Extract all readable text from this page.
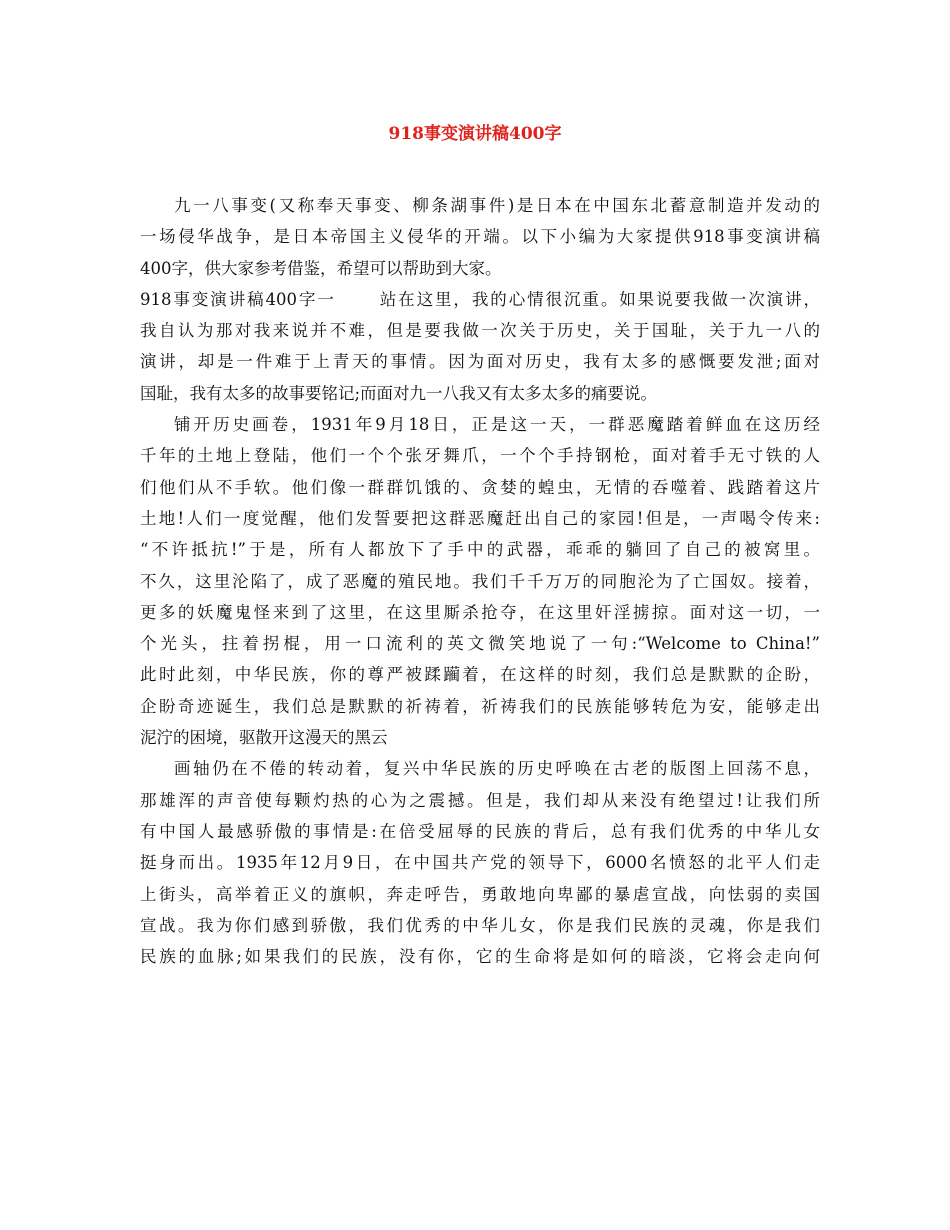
918事变演讲稿400字
九一八事变(又称奉天事变、柳条湖事件)是日本在中国东北蓄意制造并发动的
一场侵华战争，是日本帝国主义侵华的开端。以下小编为大家提供918事变演讲稿
400字，供大家参考借鉴，希望可以帮助到大家。
918事变演讲稿400字一	站在这里，我的心情很沉重。如果说要我做一次演讲，
我自认为那对我来说并不难，但是要我做一次关于历史，关于国耻，关于九一八的
演讲，却是一件难于上青天的事情。因为面对历史，我有太多的感慨要发泄;面对
国耻，我有太多的故事要铭记;而面对九一八我又有太多太多的痛要说。
铺开历史画卷，1931年9月18日，正是这一天，一群恶魔踏着鲜血在这历经
千年的土地上登陆，他们一个个张牙舞爪，一个个手持钢枪，面对着手无寸铁的人
们他们从不手软。他们像一群群饥饿的、贪婪的蝗虫，无情的吞噬着、践踏着这片
土地!人们一度觉醒，他们发誓要把这群恶魔赶出自己的家园!但是，一声喝令传来:
“不许抵抗!”于是，所有人都放下了手中的武器，乖乖的躺回了自己的被窝里。
不久，这里沦陷了，成了恶魔的殖民地。我们千千万万的同胞沦为了亡国奴。接着，
更多的妖魔鬼怪来到了这里，在这里厮杀抢夺，在这里奸淫掳掠。面对这一切，一
个光头，拄着拐棍，用一口流利的英文微笑地说了一句:“Welcome to China!”
此时此刻，中华民族，你的尊严被蹂躏着，在这样的时刻，我们总是默默的企盼，
企盼奇迹诞生，我们总是默默的祈祷着，祈祷我们的民族能够转危为安，能够走出
泥泞的困境，驱散开这漫天的黑云
画轴仍在不倦的转动着，复兴中华民族的历史呼唤在古老的版图上回荡不息，
那雄浑的声音使每颗灼热的心为之震撼。但是，我们却从来没有绝望过!让我们所
有中国人最感骄傲的事情是:在倍受屈辱的民族的背后，总有我们优秀的中华儿女
挺身而出。1935年12月9日，在中国共产党的领导下，6000名愤怒的北平人们走
上街头，高举着正义的旗帜，奔走呼告，勇敢地向卑鄙的暴虐宣战，向怯弱的卖国
宣战。我为你们感到骄傲，我们优秀的中华儿女，你是我们民族的灵魂，你是我们
民族的血脉;如果我们的民族，没有你，它的生命将是如何的暗淡，它将会走向何
